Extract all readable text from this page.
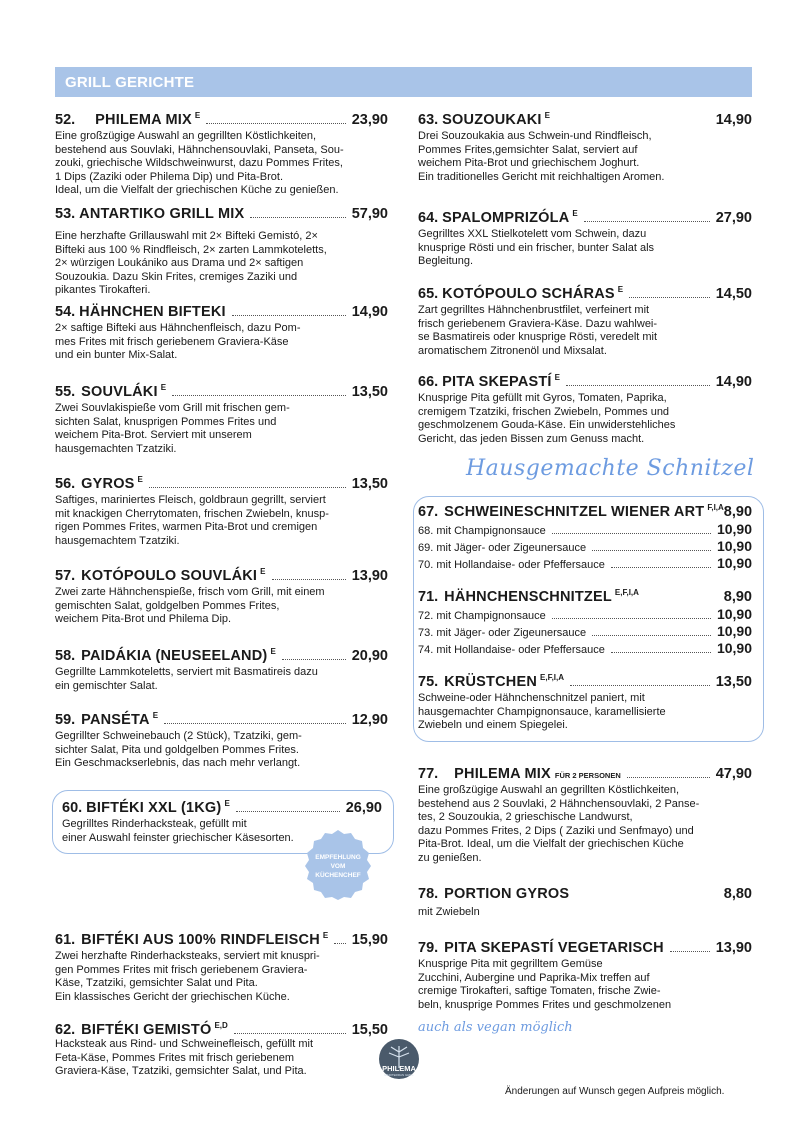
GRILL GERICHTE
52. PHILEMA MIX E	23,90
Eine großzügige Auswahl an gegrillten Köstlichkeiten,
bestehend aus Souvlaki, Hähnchensouvlaki, Panseta, Sou-
zouki, griechische Wildschweinwurst, dazu Pommes Frites,
1 Dips (Zaziki oder Philema Dip) und Pita-Brot.
Ideal, um die Vielfalt der griechischen Küche zu genießen.
53. ANTARTIKO GRILL MIX	57,90
Eine herzhafte Grillauswahl mit 2× Bifteki Gemistó, 2×
Bifteki aus 100 % Rindfleisch, 2× zarten Lammkoteletts,
2× würzigen Loukániko aus Drama und 2× saftigen
Souzoukia. Dazu Skin Frites, cremiges Zaziki und
pikantes Tirokafteri.
54. HÄHNCHEN BIFTEKI	14,90
2× saftige Bifteki aus Hähnchenfleisch, dazu Pom-
mes Frites mit frisch geriebenem Graviera-Käse
und ein bunter Mix-Salat.
55. SOUVLÁKI E	13,50
Zwei Souvlakispieße vom Grill mit frischen gem-
sichten Salat, knusprigen Pommes Frites und
weichem Pita-Brot. Serviert mit unserem
hausgemachten Tzatziki.
56. GYROS E	13,50
Saftiges, mariniertes Fleisch, goldbraun gegrillt, serviert
mit knackigen Cherrytomaten, frischen Zwiebeln, knusp-
rigen Pommes Frites, warmen Pita-Brot und cremigen
hausgemachtem Tzatziki.
57. KOTÓPOULO SOUVLÁKI E	13,90
Zwei zarte Hähnchenspieße, frisch vom Grill, mit einem
gemischten Salat, goldgelben Pommes Frites,
weichem Pita-Brot und Philema Dip.
58. PAIDÁKIA (NEUSEELAND) E	20,90
Gegrillte Lammkoteletts, serviert mit Basmatireis dazu
ein gemischter Salat.
59. PANSÉTA E	12,90
Gegrillter Schweinebauch (2 Stück), Tzatziki, gem-
sichter Salat, Pita und goldgelben Pommes Frites.
Ein Geschmackserlebnis, das nach mehr verlangt.
60. BIFTÉKI XXL (1KG) E	26,90
Gegrilltes Rinderhacksteak, gefüllt mit
einer Auswahl feinster griechischer Käsesorten.
EMPFEHLUNG
VOM
KÜCHENCHEF
61. BIFTÉKI AUS 100% RINDFLEISCH E 15,90
Zwei herzhafte Rinderhacksteaks, serviert mit knuspri-
gen Pommes Frites mit frisch geriebenem Graviera-
Käse, Tzatziki, gemsichter Salat und Pita.
Ein klassisches Gericht der griechischen Küche.
62. BIFTÉKI GEMISTÓ E,D	15,50
Hacksteak aus Rind- und Schweinefleisch, gefüllt mit
Feta-Käse, Pommes Frites mit frisch geriebenem
Graviera-Käse, Tzatziki, gemsichter Salat, und Pita.
63. SOUZOUKAKI E	14,90
Drei Souzoukakia aus Schwein-und Rindfleisch,
Pommes Frites,gemsichter Salat, serviert auf
weichem Pita-Brot und griechischem Joghurt.
Ein traditionelles Gericht mit reichhaltigen Aromen.
64. SPALOMPRIZÓLA E	27,90
Gegrilltes XXL Stielkotelett vom Schwein, dazu
knusprige Rösti und ein frischer, bunter Salat als
Begleitung.
65. KOTÓPOULO SCHÁRAS E	14,50
Zart gegrilltes Hähnchenbrustfilet, verfeinert mit
frisch geriebenem Graviera-Käse. Dazu wahlwei-
se Basmatireis oder knusprige Rösti, veredelt mit
aromatischem Zitronenöl und Mixsalat.
66. PITA SKEPASTÍ E	14,90
Knusprige Pita gefüllt mit Gyros, Tomaten, Paprika,
cremigem Tzatziki, frischen Zwiebeln, Pommes und
geschmolzenem Gouda-Käse. Ein unwiderstehliches
Gericht, das jeden Bissen zum Genuss macht.
Hausgemachte Schnitzel
67. SCHWEINESCHNITZEL WIENER ART F,I,A 8,90
68. mit Champignonsauce	10,90
69. mit Jäger- oder Zigeunersauce	10,90
70. mit Hollandaise- oder Pfeffersauce	10,90
71. HÄHNCHENSCHNITZEL E,F,I,A	8,90
72. mit Champignonsauce	10,90
73. mit Jäger- oder Zigeunersauce	10,90
74. mit Hollandaise- oder Pfeffersauce	10,90
75. KRÜSTCHEN E,F,I,A	13,50
Schweine-oder Hähnchenschnitzel paniert, mit
hausgemachter Champignonsauce, karamellisierte
Zwiebeln und einem Spiegelei.
77. PHILEMA MIX FÜR 2 PERSONEN	47,90
Eine großzügige Auswahl an gegrillten Köstlichkeiten,
bestehend aus 2 Souvlaki, 2 Hähnchensouvlaki, 2 Panse-
tes, 2 Souzoukia, 2 grieschische Landwurst,
dazu Pommes Frites, 2 Dips ( Zaziki und Senfmayo) und
Pita-Brot. Ideal, um die Vielfalt der griechischen Küche
zu genießen.
78. PORTION GYROS	8,80
mit Zwiebeln
79. PITA SKEPASTÍ VEGETARISCH	13,90
Knusprige Pita mit gegrilltem Gemüse
Zucchini, Aubergine und Paprika-Mix treffen auf
cremige Tirokafteri, saftige Tomaten, frische Zwie-
beln, knusprige Pommes Frites und geschmolzenen
auch als vegan möglich
PHILEMA
MEDITERRAN GRILL
Änderungen auf Wunsch gegen Aufpreis möglich.
